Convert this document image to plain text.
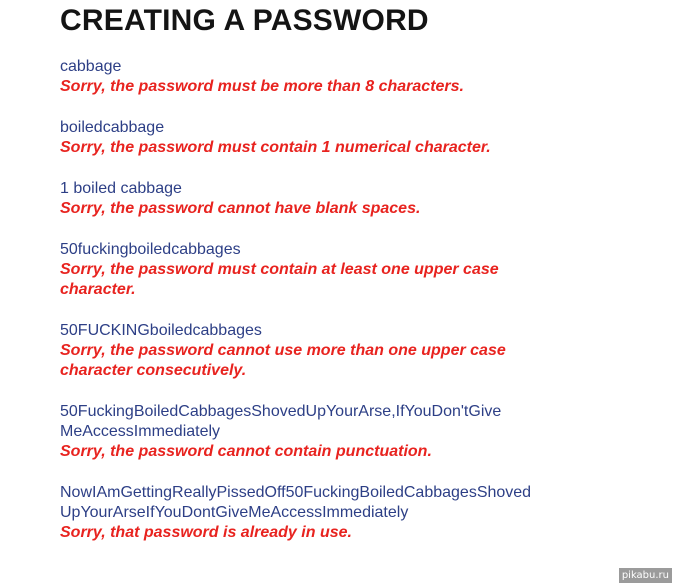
CREATING A PASSWORD
cabbage
Sorry, the password must be more than 8 characters.
boiledcabbage
Sorry, the password must contain 1 numerical character.
1 boiled cabbage
Sorry, the password cannot have blank spaces.
50fuckingboiledcabbages
Sorry, the password must contain at least one upper case
character.
50FUCKINGboiledcabbages
Sorry, the password cannot use more than one upper case
character consecutively.
50FuckingBoiledCabbagesShovedUpYourArse,IfYouDon'tGive
MeAccessImmediately
Sorry, the password cannot contain punctuation.
NowIAmGettingReallyPissedOff50FuckingBoiledCabbagesShoved
UpYourArseIfYouDontGiveMeAccessImmediately
Sorry, that password is already in use.
pikabu.ru
